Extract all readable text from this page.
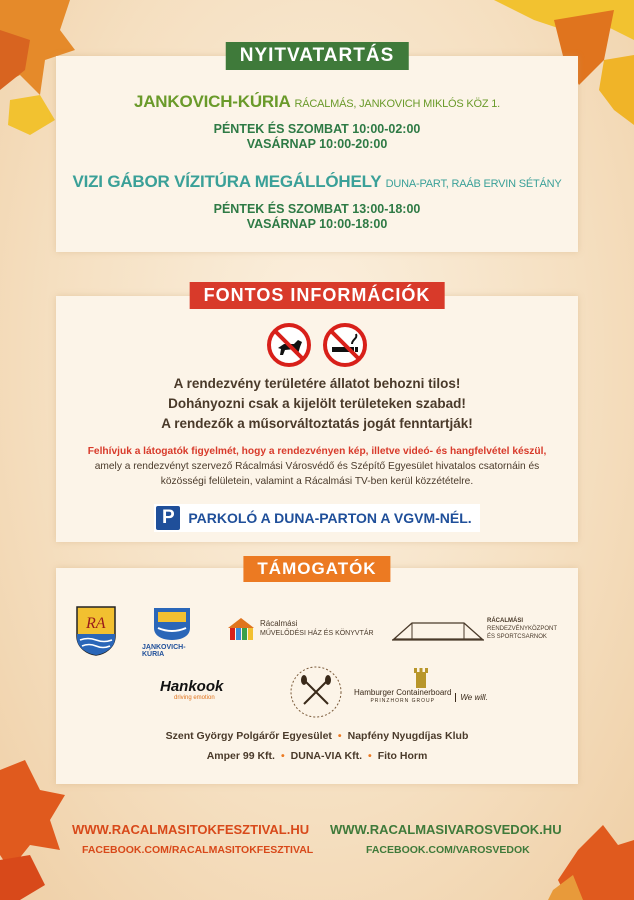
NYITVATARTÁS
JANKOVICH-KÚRIA RÁCALMÁS, JANKOVICH MIKLÓS KÖZ 1.
PÉNTEK ÉS SZOMBAT 10:00-02:00
VASÁRNAP 10:00-20:00
VIZI GÁBOR VÍZITÚRA MEGÁLLÓHELY DUNA-PART, RAÁB ERVIN SÉTÁNY
PÉNTEK ÉS SZOMBAT 13:00-18:00
VASÁRNAP 10:00-18:00
FONTOS INFORMÁCIÓK

A rendezvény területére állatot behozni tilos!
Dohányozni csak a kijelölt területeken szabad!
A rendezők a műsorváltoztatás jogát fenntartják!
Felhívjuk a látogatók figyelmét, hogy a rendezvényen kép, illetve videó- és hangfelvétel készül, amely a rendezvényt szervező Rácalmási Városvédő és Szépítő Egyesület hivatalos csatornáin és közösségi felületein, valamint a Rácalmási TV-ben kerül közzétételre.
P PARKOLÓ A DUNA-PARTON A VGVM-NÉL.
TÁMOGATÓK
RA
JANKOVICH-KÚRIA
Rácalmási
MŰVELŐDÉSI HÁZ ÉS KÖNYVTÁR
RÁCALMÁSI
RENDEZVÉNYKÖZPONT
ÉS SPORTCSARNOK
Hankook
driving emotion
Hamburger Containerboard
PRINZHORN GROUP	We will.
Szent György Polgárőr Egyesület • Napfény Nyugdíjas Klub
Amper 99 Kft. • DUNA-VIA Kft. • Fito Horm
WWW.RACALMASITOKFESZTIVAL.HU
FACEBOOK.COM/RACALMASITOKFESZTIVAL
WWW.RACALMASIVAROSVEDOK.HU
FACEBOOK.COM/VAROSVEDOK
